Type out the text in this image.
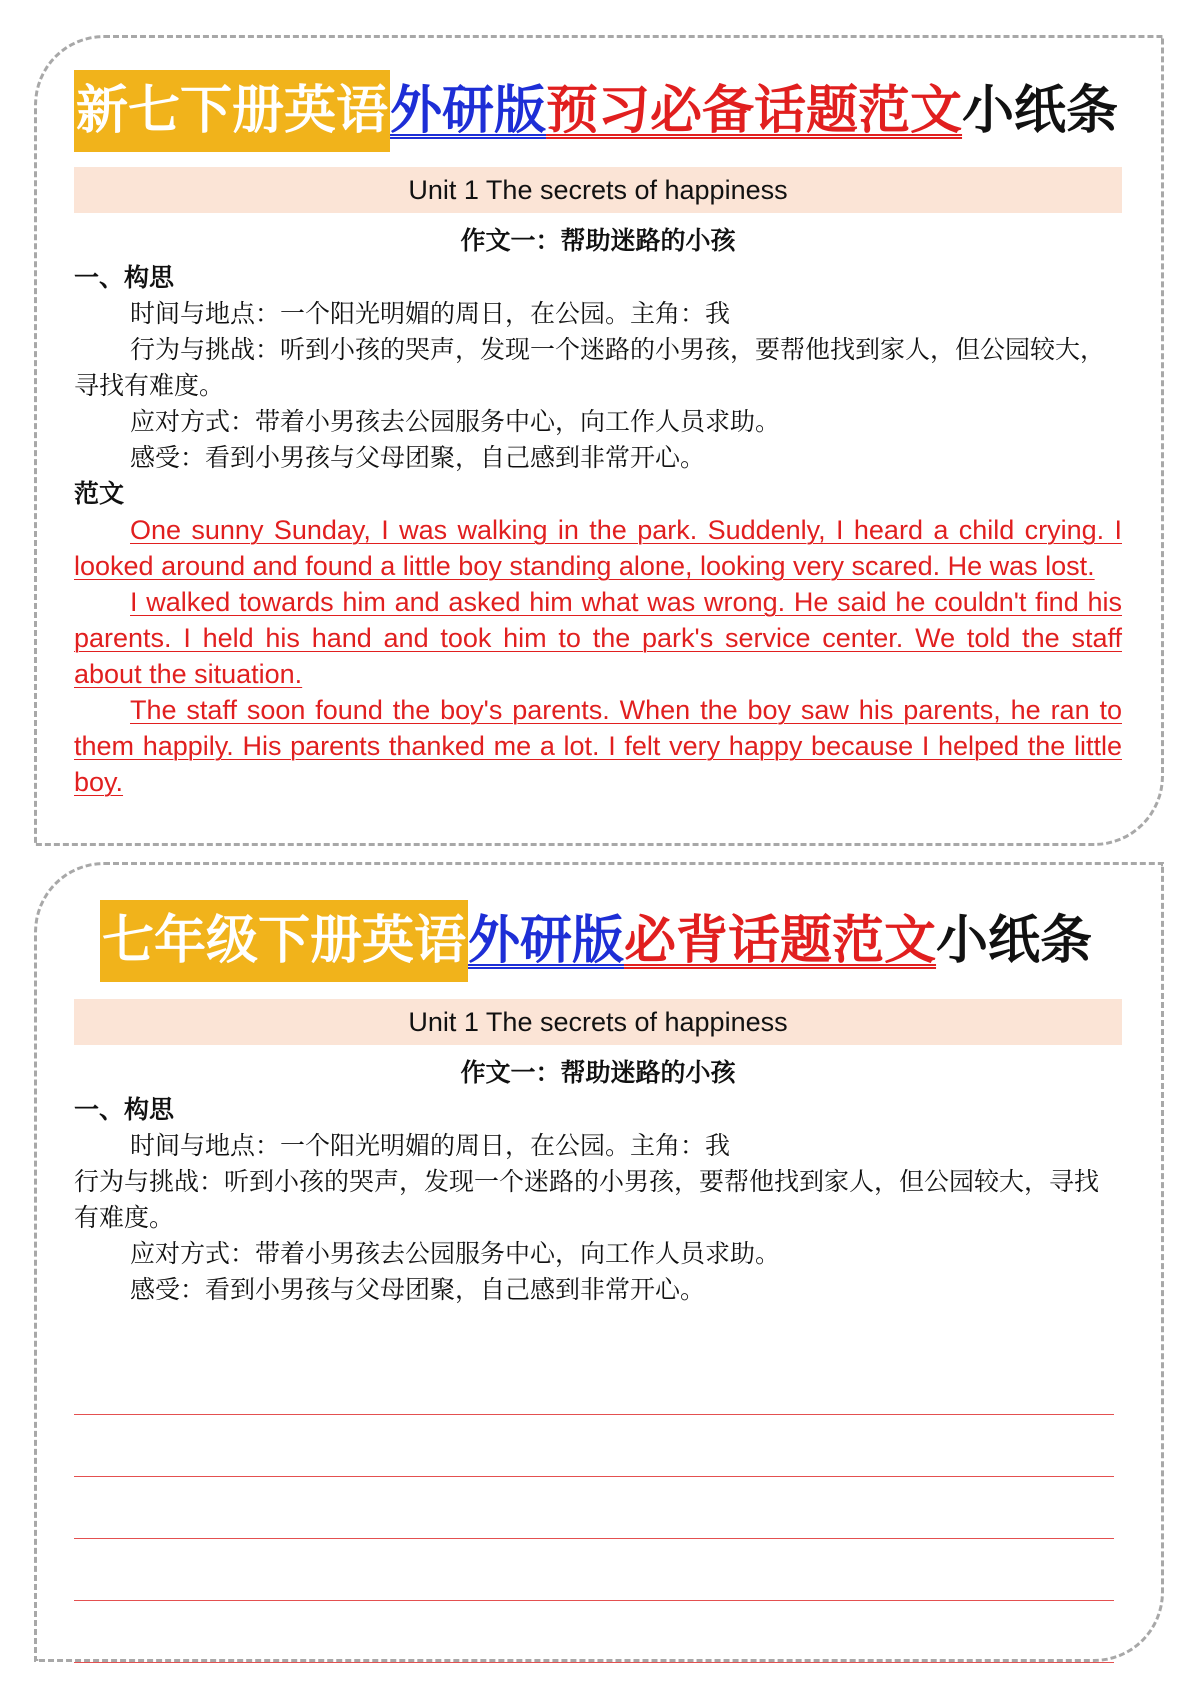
新七下册英语外研版预习必备话题范文小纸条
Unit 1 The secrets of happiness
作文一：帮助迷路的小孩

一、构思

时间与地点：一个阳光明媚的周日，在公园。主角：我

行为与挑战：听到小孩的哭声，发现一个迷路的小男孩，要帮他找到家人，但公园较大，寻找有难度。

应对方式：带着小男孩去公园服务中心，向工作人员求助。

感受：看到小男孩与父母团聚，自己感到非常开心。

范文

One sunny Sunday, I was walking in the park. Suddenly, I heard a child crying. I looked around and found a little boy standing alone, looking very scared. He was lost.

I walked towards him and asked him what was wrong. He said he couldn't find his parents. I held his hand and took him to the park's service center. We told the staff about the situation.

The staff soon found the boy's parents. When the boy saw his parents, he ran to them happily. His parents thanked me a lot. I felt very happy because I helped the little boy.

七年级下册英语外研版必背话题范文小纸条
Unit 1 The secrets of happiness
作文一：帮助迷路的小孩

一、构思

时间与地点：一个阳光明媚的周日，在公园。主角：我

行为与挑战：听到小孩的哭声，发现一个迷路的小男孩，要帮他找到家人，但公园较大，寻找有难度。

应对方式：带着小男孩去公园服务中心，向工作人员求助。

感受：看到小男孩与父母团聚，自己感到非常开心。
